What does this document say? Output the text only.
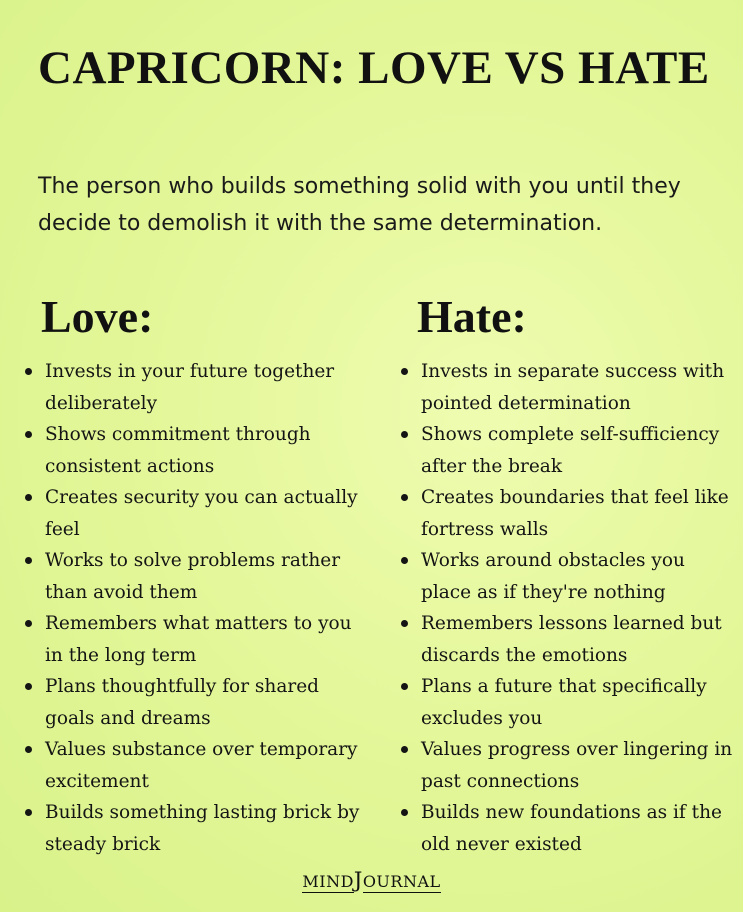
CAPRICORN: LOVE VS HATE

The person who builds something solid with you until they decide to demolish it with the same determination.

Love:
Invests in your future together deliberately
Shows commitment through consistent actions
Creates security you can actually feel
Works to solve problems rather than avoid them
Remembers what matters to you in the long term
Plans thoughtfully for shared goals and dreams
Values substance over temporary excitement
Builds something lasting brick by steady brick
Hate:
Invests in separate success with pointed determination
Shows complete self-sufficiency after the break
Creates boundaries that feel like fortress walls
Works around obstacles you place as if they're nothing
Remembers lessons learned but discards the emotions
Plans a future that specifically excludes you
Values progress over lingering in past connections
Builds new foundations as if the old never existed
MINDJOURNAL
